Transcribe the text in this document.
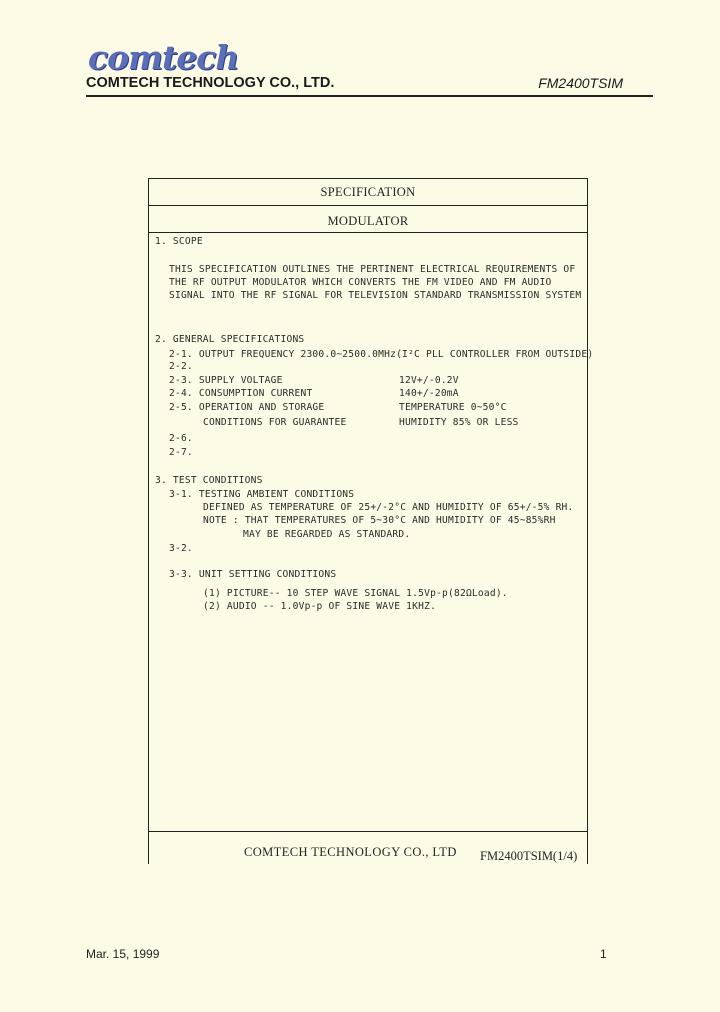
comtech
COMTECH TECHNOLOGY CO., LTD.	FM2400TSIM
SPECIFICATION
MODULATOR
1. SCOPE
THIS SPECIFICATION OUTLINES THE PERTINENT ELECTRICAL REQUIREMENTS OF
THE RF OUTPUT MODULATOR WHICH CONVERTS THE FM VIDEO AND FM AUDIO
SIGNAL INTO THE RF SIGNAL FOR TELEVISION STANDARD TRANSMISSION SYSTEM
2. GENERAL SPECIFICATIONS
2-1. OUTPUT FREQUENCY 2300.0~2500.0MHz(I²C PLL CONTROLLER FROM OUTSIDE)
2-2.
2-3. SUPPLY VOLTAGE	12V+/-0.2V
2-4. CONSUMPTION CURRENT	140+/-20mA
2-5. OPERATION AND STORAGE	TEMPERATURE 0~50°C
CONDITIONS FOR GUARANTEE	HUMIDITY 85% OR LESS
2-6.
2-7.
3. TEST CONDITIONS
3-1. TESTING AMBIENT CONDITIONS
DEFINED AS TEMPERATURE OF 25+/-2°C AND HUMIDITY OF 65+/-5% RH.
NOTE : THAT TEMPERATURES OF 5~30°C AND HUMIDITY OF 45~85%RH
MAY BE REGARDED AS STANDARD.
3-2.
3-3. UNIT SETTING CONDITIONS
(1) PICTURE-- 10 STEP WAVE SIGNAL 1.5Vp-p(82ΩLoad).
(2) AUDIO -- 1.0Vp-p OF SINE WAVE 1KHZ.
COMTECH TECHNOLOGY CO., LTD FM2400TSIM(1/4)
Mar. 15, 1999	1
